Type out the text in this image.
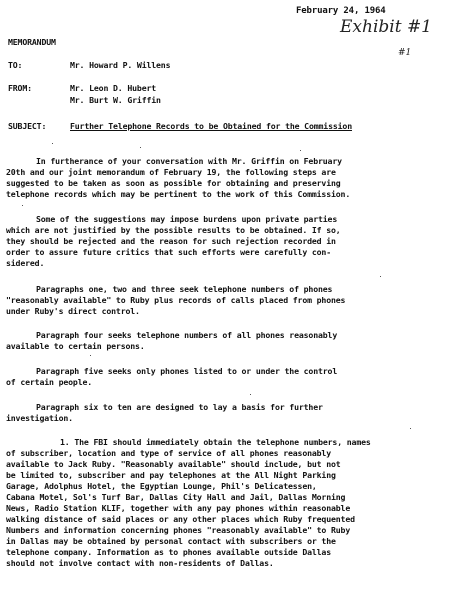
February 24, 1964
Exhibit #1
#1
MEMORANDUM
TO:	Mr. Howard P. Willens
FROM:	Mr. Leon D. Hubert
Mr. Burt W. Griffin
SUBJECT:	Further Telephone Records to be Obtained for the Commission

In furtherance of your conversation with Mr. Griffin on February

20th and our joint memorandum of February 19, the following steps are

suggested to be taken as soon as possible for obtaining and preserving

telephone records which may be pertinent to the work of this Commission.

Some of the suggestions may impose burdens upon private parties

which are not justified by the possible results to be obtained. If so,

they should be rejected and the reason for such rejection recorded in

order to assure future critics that such efforts were carefully con-

sidered.

Paragraphs one, two and three seek telephone numbers of phones

"reasonably available" to Ruby plus records of calls placed from phones

under Ruby's direct control.

Paragraph four seeks telephone numbers of all phones reasonably

available to certain persons.

Paragraph five seeks only phones listed to or under the control

of certain people.

Paragraph six to ten are designed to lay a basis for further

investigation.

1. The FBI should immediately obtain the telephone numbers, names

of subscriber, location and type of service of all phones reasonably

available to Jack Ruby. "Reasonably available" should include, but not

be limited to, subscriber and pay telephones at the All Night Parking

Garage, Adolphus Hotel, the Egyptian Lounge, Phil's Delicatessen,

Cabana Motel, Sol's Turf Bar, Dallas City Hall and Jail, Dallas Morning

News, Radio Station KLIF, together with any pay phones within reasonable

walking distance of said places or any other places which Ruby frequented

Numbers and information concerning phones "reasonably available" to Ruby

in Dallas may be obtained by personal contact with subscribers or the

telephone company. Information as to phones available outside Dallas

should not involve contact with non-residents of Dallas.
